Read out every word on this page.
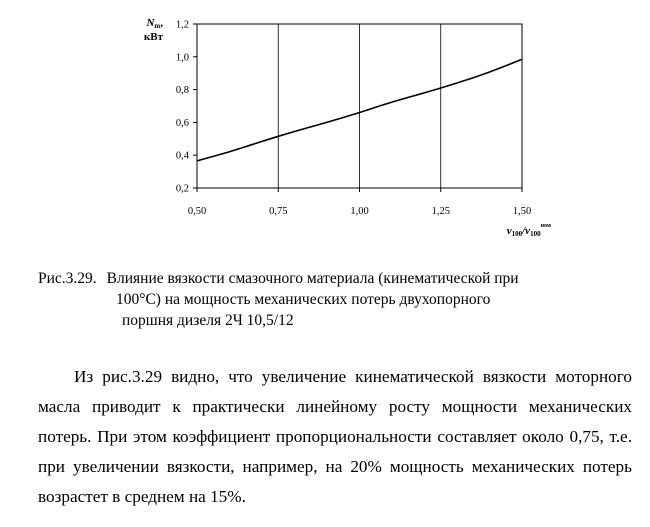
0,2
0,4
0,6
0,8
1,0
1,2
0,50	0,75	1,00	1,25	1,50
Nm,
кВт
$v100/v100^{ном}$
Рис.3.29. Влияние вязкости смазочного материала (кинематической при
100°C) на мощность механических потерь двухопорного
поршня дизеля 2Ч 10,5/12

Из рис.3.29 видно, что увеличение кинематической вязкости моторного масла приводит к практически линейному росту мощности механических потерь. При этом коэффициент пропорциональности составляет около 0,75, т.е. при увеличении вязкости, например, на 20% мощность механических потерь возрастет в среднем на 15%.
